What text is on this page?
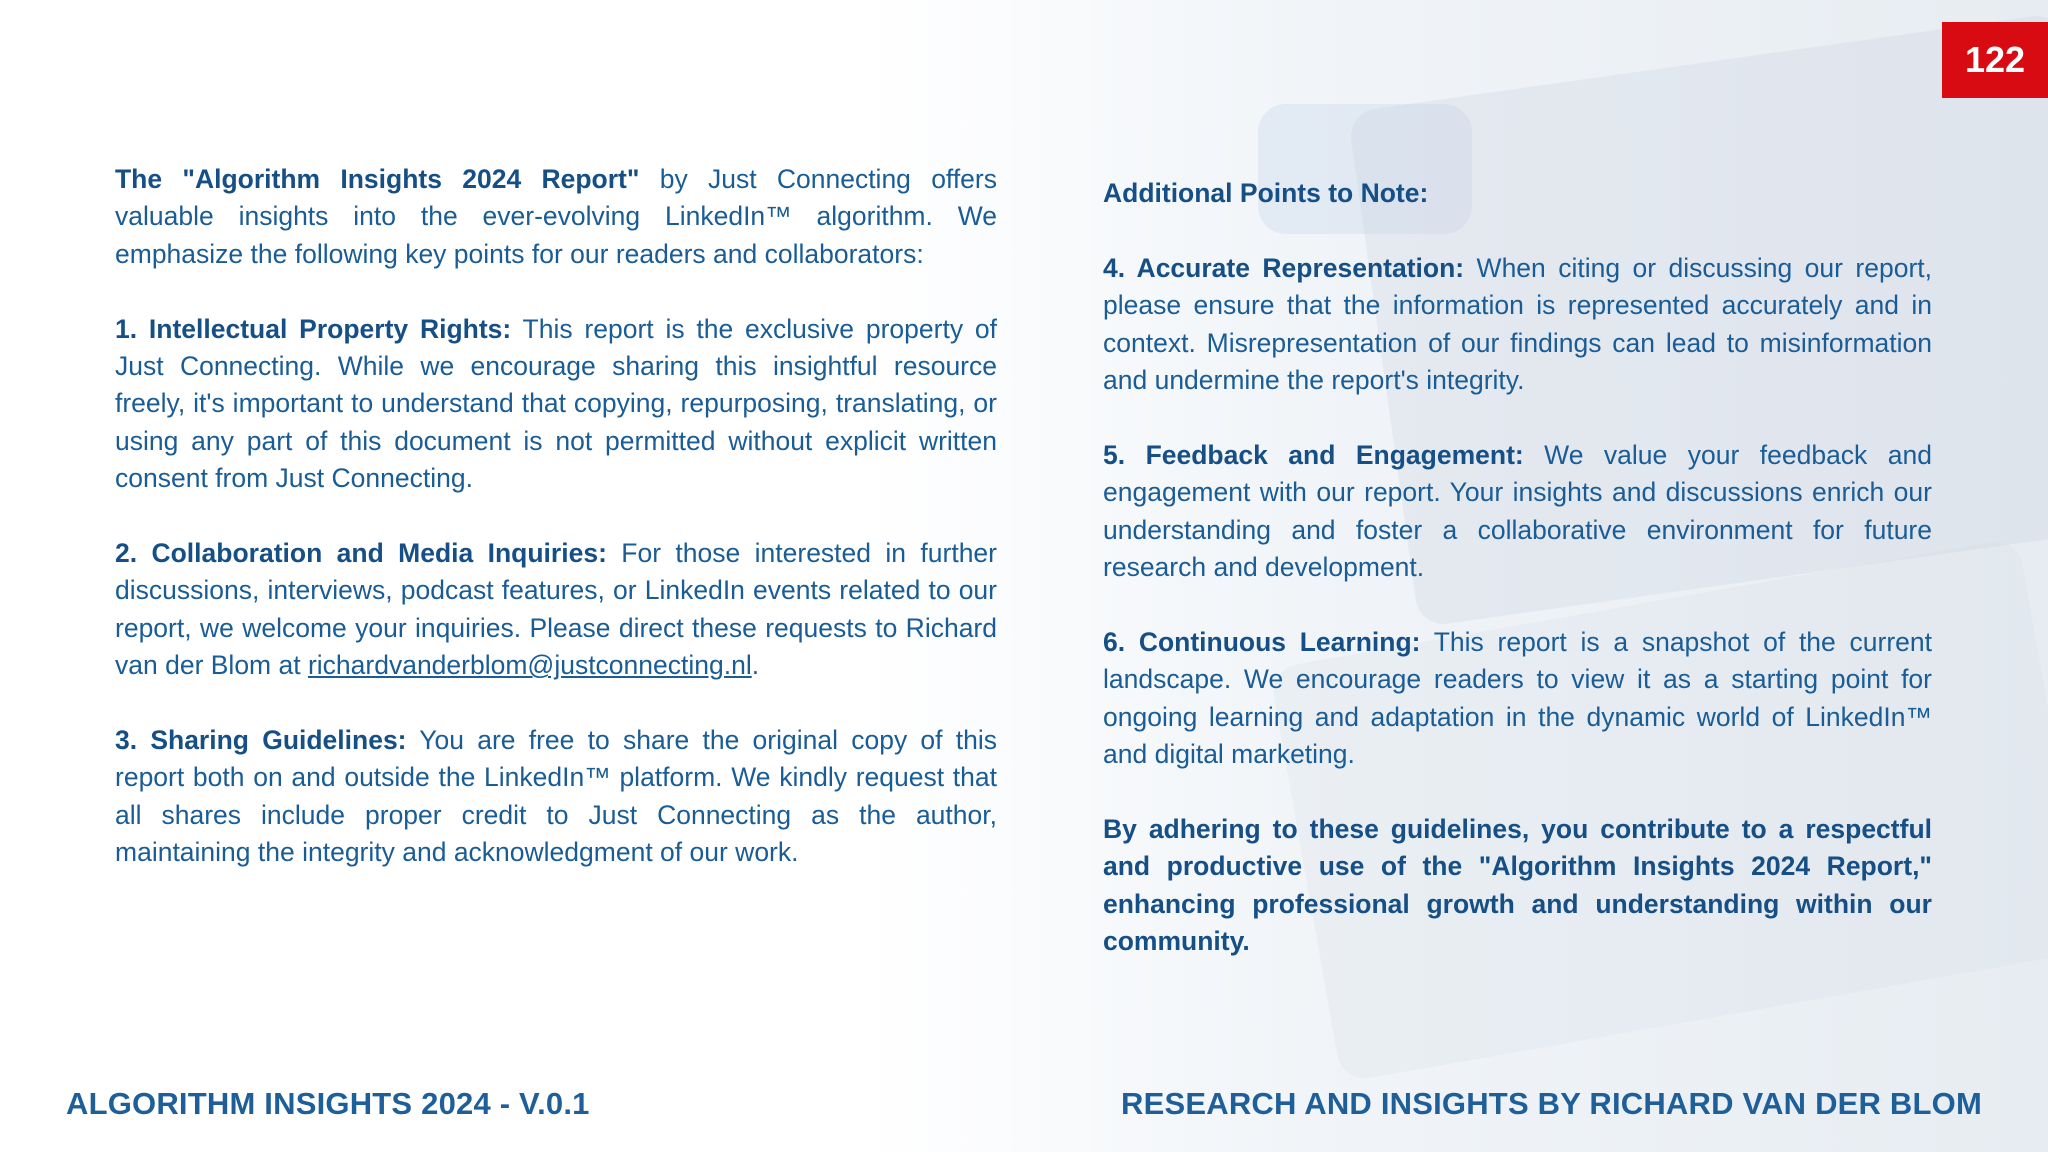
122

The "Algorithm Insights 2024 Report" by Just Connecting offers valuable insights into the ever-evolving LinkedIn™ algorithm. We emphasize the following key points for our readers and collaborators:

1. Intellectual Property Rights: This report is the exclusive property of Just Connecting. While we encourage sharing this insightful resource freely, it's important to understand that copying, repurposing, translating, or using any part of this document is not permitted without explicit written consent from Just Connecting.

2. Collaboration and Media Inquiries: For those interested in further discussions, interviews, podcast features, or LinkedIn events related to our report, we welcome your inquiries. Please direct these requests to Richard van der Blom at richardvanderblom@justconnecting.nl.

3. Sharing Guidelines: You are free to share the original copy of this report both on and outside the LinkedIn™ platform. We kindly request that all shares include proper credit to Just Connecting as the author, maintaining the integrity and acknowledgment of our work.

Additional Points to Note:

4. Accurate Representation: When citing or discussing our report, please ensure that the information is represented accurately and in context. Misrepresentation of our findings can lead to misinformation and undermine the report's integrity.

5. Feedback and Engagement: We value your feedback and engagement with our report. Your insights and discussions enrich our understanding and foster a collaborative environment for future research and development.

6. Continuous Learning: This report is a snapshot of the current landscape. We encourage readers to view it as a starting point for ongoing learning and adaptation in the dynamic world of LinkedIn™ and digital marketing.

By adhering to these guidelines, you contribute to a respectful and productive use of the "Algorithm Insights 2024 Report," enhancing professional growth and understanding within our community.

ALGORITHM INSIGHTS 2024 - V.0.1	RESEARCH AND INSIGHTS BY RICHARD VAN DER BLOM
